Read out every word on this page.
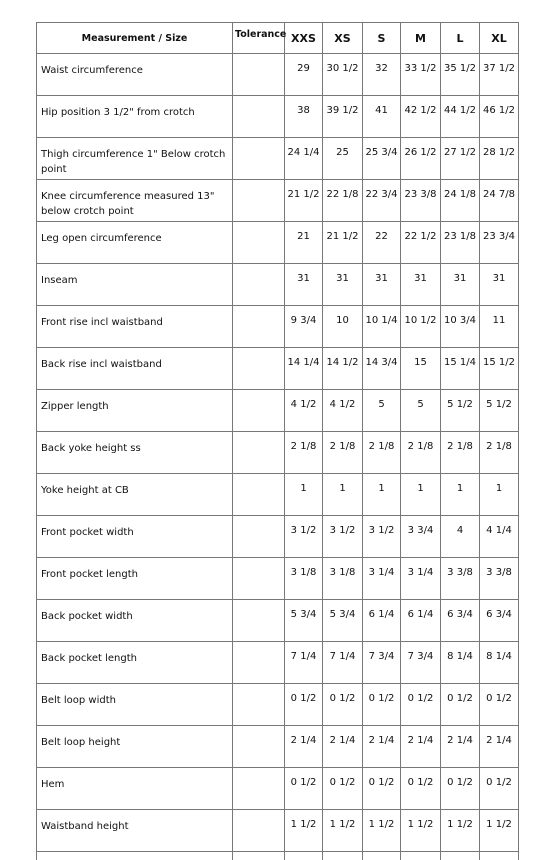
Measurement / Size	Tolerance	XXS	XS	S	M	L	XL
Waist circumference		29	30 1/2	32	33 1/2	35 1/2	37 1/2
Hip position 3 1/2" from crotch		38	39 1/2	41	42 1/2	44 1/2	46 1/2
Thigh circumference 1" Below crotch point		24 1/4	25	25 3/4	26 1/2	27 1/2	28 1/2
Knee circumference measured 13" below crotch point		21 1/2	22 1/8	22 3/4	23 3/8	24 1/8	24 7/8
Leg open circumference		21	21 1/2	22	22 1/2	23 1/8	23 3/4
Inseam		31	31	31	31	31	31
Front rise incl waistband		9 3/4	10	10 1/4	10 1/2	10 3/4	11
Back rise incl waistband		14 1/4	14 1/2	14 3/4	15	15 1/4	15 1/2
Zipper length		4 1/2	4 1/2	5	5	5 1/2	5 1/2
Back yoke height ss		2 1/8	2 1/8	2 1/8	2 1/8	2 1/8	2 1/8
Yoke height at CB		1	1	1	1	1	1
Front pocket width		3 1/2	3 1/2	3 1/2	3 3/4	4	4 1/4
Front pocket length		3 1/8	3 1/8	3 1/4	3 1/4	3 3/8	3 3/8
Back pocket width		5 3/4	5 3/4	6 1/4	6 1/4	6 3/4	6 3/4
Back pocket length		7 1/4	7 1/4	7 3/4	7 3/4	8 1/4	8 1/4
Belt loop width		0 1/2	0 1/2	0 1/2	0 1/2	0 1/2	0 1/2
Belt loop height		2 1/4	2 1/4	2 1/4	2 1/4	2 1/4	2 1/4
Hem		0 1/2	0 1/2	0 1/2	0 1/2	0 1/2	0 1/2
Waistband height		1 1/2	1 1/2	1 1/2	1 1/2	1 1/2	1 1/2
